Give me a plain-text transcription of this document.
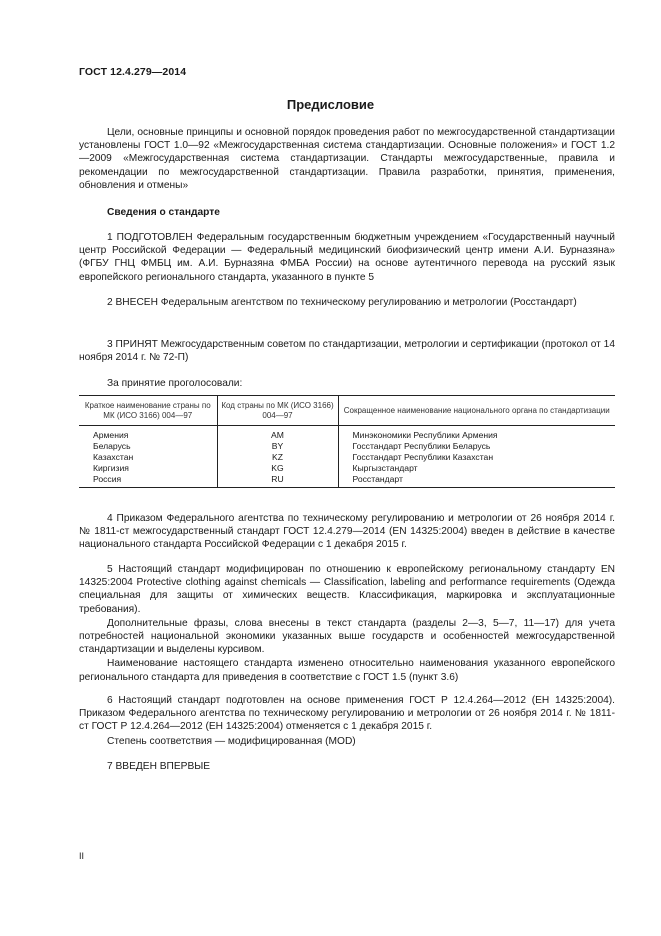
ГОСТ 12.4.279—2014
Предисловие

Цели, основные принципы и основной порядок проведения работ по межгосударственной стандартизации установлены ГОСТ 1.0—92 «Межгосударственная система стандартизации. Основные положения» и ГОСТ 1.2—2009 «Межгосударственная система стандартизации. Стандарты межгосударственные, правила и рекомендации по межгосударственной стандартизации. Правила разработки, принятия, применения, обновления и отмены»

Сведения о стандарте

1 ПОДГОТОВЛЕН Федеральным государственным бюджетным учреждением «Государственный научный центр Российской Федерации — Федеральный медицинский биофизический центр имени А.И. Бурназяна» (ФГБУ ГНЦ ФМБЦ им. А.И. Бурназяна ФМБА России) на основе аутентичного перевода на русский язык европейского регионального стандарта, указанного в пункте 5

2 ВНЕСЕН Федеральным агентством по техническому регулированию и метрологии (Росстандарт)

3 ПРИНЯТ Межгосударственным советом по стандартизации, метрологии и сертификации (протокол от 14 ноября 2014 г. № 72-П)

За принятие проголосовали:
Краткое наименование страны по МК (ИСО 3166) 004—97	Код страны по МК (ИСО 3166) 004—97	Сокращенное наименование национального органа по стандартизации
Армения	AM	Минэкономики Республики Армения
Беларусь	BY	Госстандарт Республики Беларусь
Казахстан	KZ	Госстандарт Республики Казахстан
Киргизия	KG	Кыргызстандарт
Россия	RU	Росстандарт

4 Приказом Федерального агентства по техническому регулированию и метрологии от 26 ноября 2014 г. № 1811-ст межгосударственный стандарт ГОСТ 12.4.279—2014 (EN 14325:2004) введен в действие в качестве национального стандарта Российской Федерации с 1 декабря 2015 г.

5 Настоящий стандарт модифицирован по отношению к европейскому региональному стандарту EN 14325:2004 Protective clothing against chemicals — Classification, labeling and performance requirements (Одежда специальная для защиты от химических веществ. Классификация, маркировка и эксплуатационные требования).

Дополнительные фразы, слова внесены в текст стандарта (разделы 2—3, 5—7, 11—17) для учета потребностей национальной экономики указанных выше государств и особенностей межгосударственной стандартизации и выделены курсивом.

Наименование настоящего стандарта изменено относительно наименования указанного европейского регионального стандарта для приведения в соответствие с ГОСТ 1.5 (пункт 3.6)

6 Настоящий стандарт подготовлен на основе применения ГОСТ Р 12.4.264—2012 (ЕН 14325:2004). Приказом Федерального агентства по техническому регулированию и метрологии от 26 ноября 2014 г. № 1811-ст ГОСТ Р 12.4.264—2012 (ЕН 14325:2004) отменяется с 1 декабря 2015 г.

Степень соответствия — модифицированная (MOD)

7 ВВЕДЕН ВПЕРВЫЕ
II
